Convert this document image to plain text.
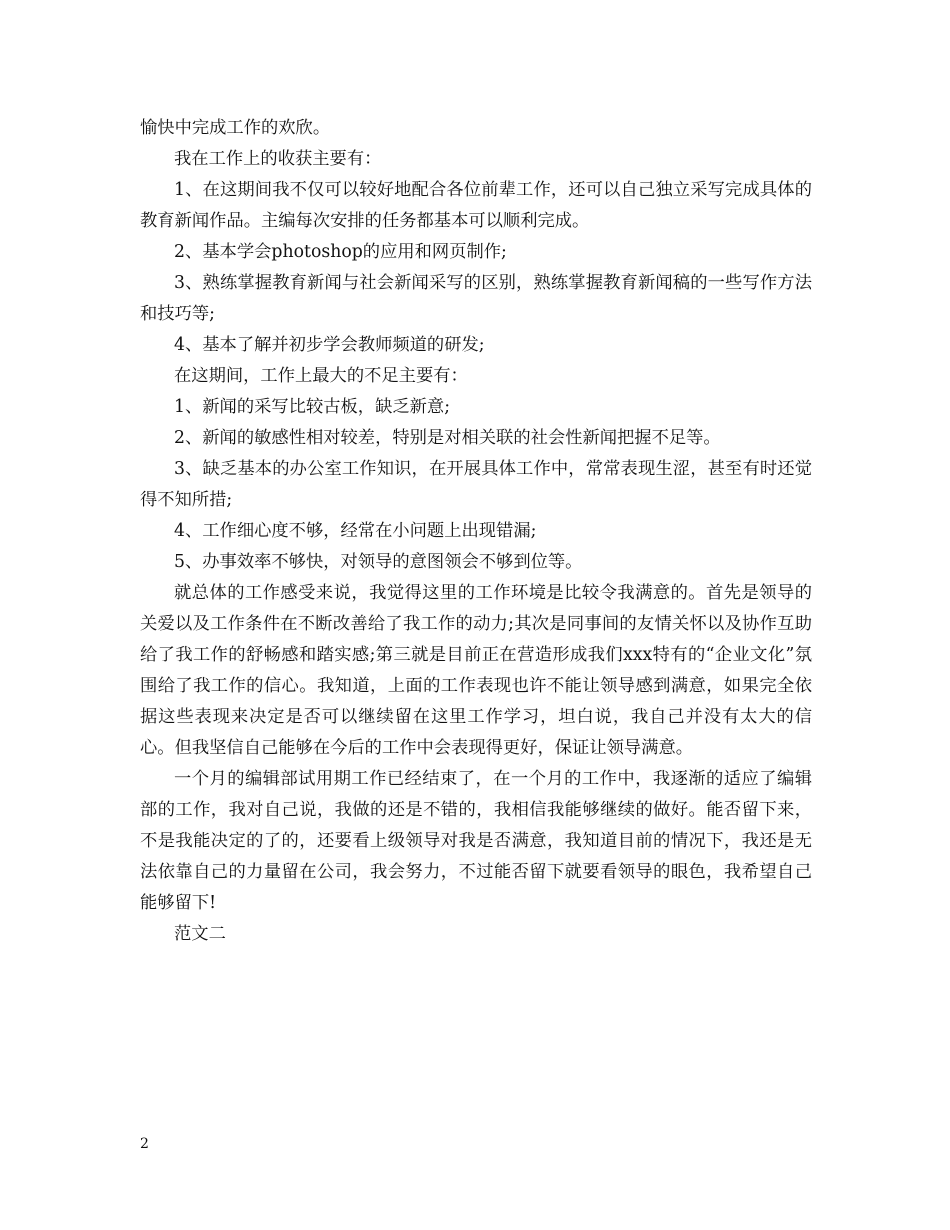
愉快中完成工作的欢欣。

我在工作上的收获主要有：

1、在这期间我不仅可以较好地配合各位前辈工作，还可以自己独立采写完成具体的教育新闻作品。主编每次安排的任务都基本可以顺利完成。

2、基本学会photoshop的应用和网页制作;

3、熟练掌握教育新闻与社会新闻采写的区别，熟练掌握教育新闻稿的一些写作方法和技巧等;

4、基本了解并初步学会教师频道的研发;

在这期间，工作上最大的不足主要有：

1、新闻的采写比较古板，缺乏新意;

2、新闻的敏感性相对较差，特别是对相关联的社会性新闻把握不足等。

3、缺乏基本的办公室工作知识，在开展具体工作中，常常表现生涩，甚至有时还觉得不知所措;

4、工作细心度不够，经常在小问题上出现错漏;

5、办事效率不够快，对领导的意图领会不够到位等。

就总体的工作感受来说，我觉得这里的工作环境是比较令我满意的。首先是领导的关爱以及工作条件在不断改善给了我工作的动力;其次是同事间的友情关怀以及协作互助给了我工作的舒畅感和踏实感;第三就是目前正在营造形成我们xxx特有的“企业文化”氛围给了我工作的信心。我知道，上面的工作表现也许不能让领导感到满意，如果完全依据这些表现来决定是否可以继续留在这里工作学习，坦白说，我自己并没有太大的信心。但我坚信自己能够在今后的工作中会表现得更好，保证让领导满意。

一个月的编辑部试用期工作已经结束了，在一个月的工作中，我逐渐的适应了编辑部的工作，我对自己说，我做的还是不错的，我相信我能够继续的做好。能否留下来，不是我能决定的了的，还要看上级领导对我是否满意，我知道目前的情况下，我还是无法依靠自己的力量留在公司，我会努力，不过能否留下就要看领导的眼色，我希望自己能够留下!

范文二

2
